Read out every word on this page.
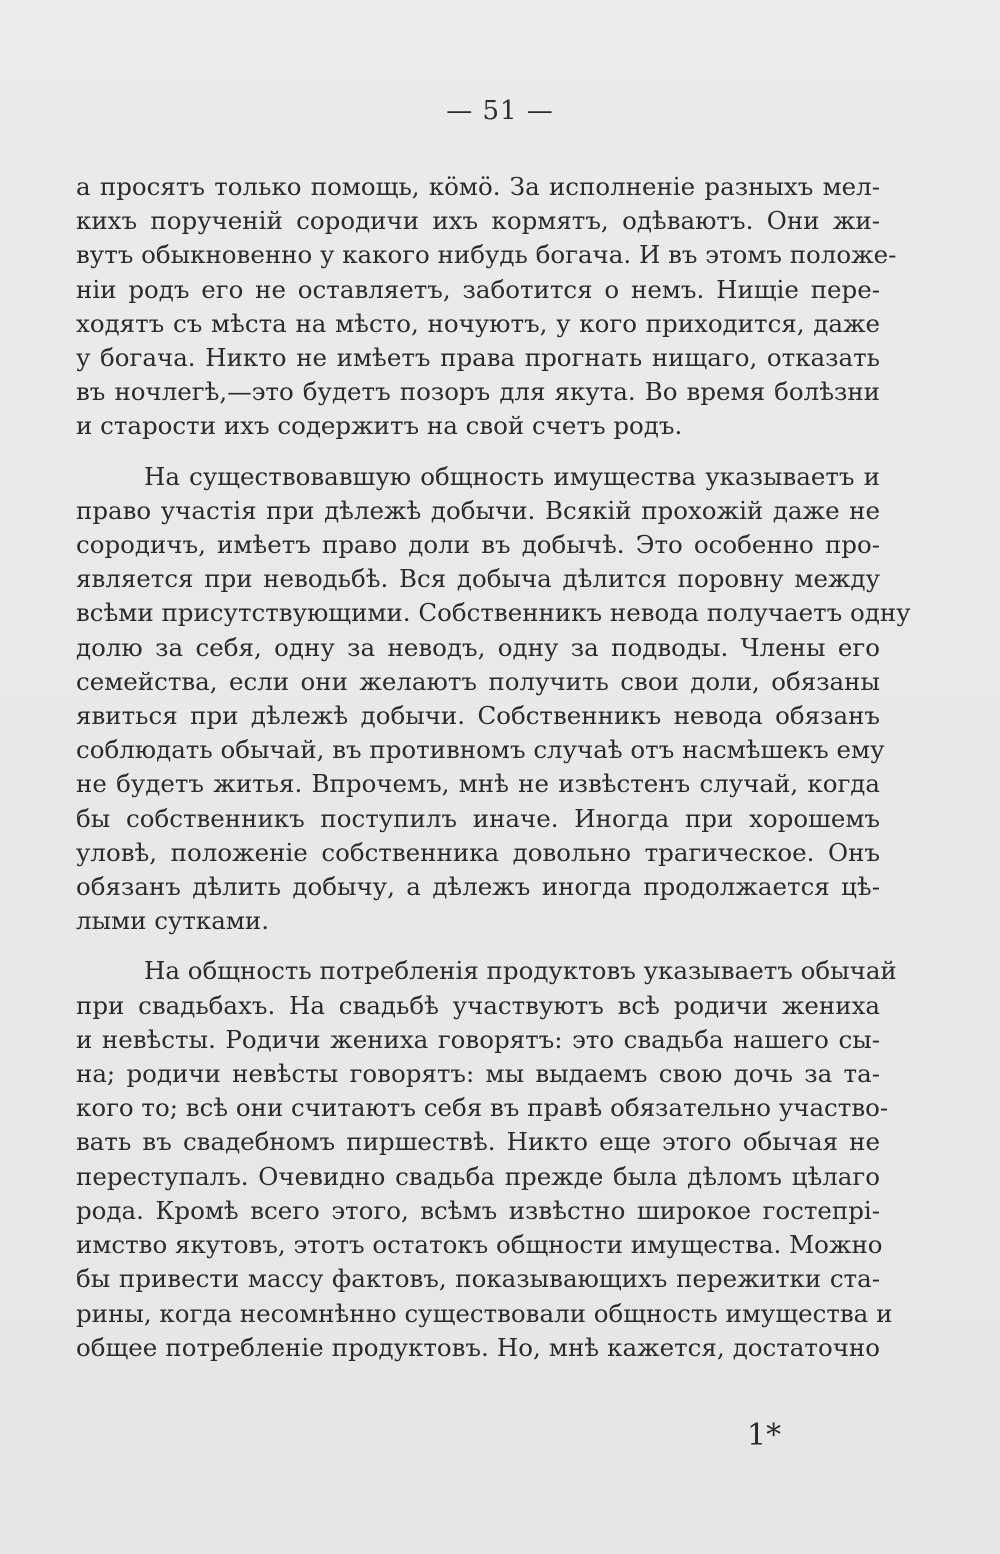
— 51 —
а просятъ только помощь, кӧмӧ. За исполненіе разныхъ мел-
кихъ порученій сородичи ихъ кормятъ, одѣваютъ. Они жи-
вутъ обыкновенно у какого нибудь богача. И въ этомъ положе-
ніи родъ его не оставляетъ, заботится о немъ. Нищіе пере-
ходятъ съ мѣста на мѣсто, ночуютъ, у кого приходится, даже
у богача. Никто не имѣетъ права прогнать нищаго, отказать
въ ночлегѣ,—это будетъ позоръ для якута. Во время болѣзни
и старости ихъ содержитъ на свой счетъ родъ.
На существовавшую общность имущества указываетъ и
право участія при дѣлежѣ добычи. Всякій прохожій даже не
сородичъ, имѣетъ право доли въ добычѣ. Это особенно про-
являетcя при неводьбѣ. Вся добыча дѣлится поровну между
всѣми присутствующими. Собственникъ невода получаетъ одну
долю за себя, одну за неводъ, одну за подводы. Члены его
семейства, если они желаютъ получить свои доли, обязаны
явиться при дѣлежѣ добычи. Собственникъ невода обязанъ
соблюдать обычай, въ противномъ случаѣ отъ насмѣшекъ ему
не будетъ житья. Впрочемъ, мнѣ не извѣстенъ случай, когда
бы собственникъ поступилъ иначе. Иногда при хорошемъ
уловѣ, положеніе собственника довольно трагическое. Онъ
обязанъ дѣлить добычу, а дѣлежъ иногда продолжается цѣ-
лыми сутками.
На общность потребленія продуктовъ указываетъ обычай
при свадьбахъ. На свадьбѣ участвуютъ всѣ родичи жениха
и невѣсты. Родичи жениха говорятъ: это свадьба нашего сы-
на; родичи невѣсты говорятъ: мы выдаемъ свою дочь за та-
кого то; всѣ они считаютъ себя въ правѣ обязательно участво-
вать въ свадебномъ пиршествѣ. Никто еще этого обычая не
переступалъ. Очевидно свадьба прежде была дѣломъ цѣлаго
рода. Кромѣ всего этого, всѣмъ извѣстно широкое гостепрі-
имство якутовъ, этотъ остатокъ общности имущества. Можно
бы привести массу фактовъ, показывающихъ пережитки ста-
рины, когда несомнѣнно существовали общность имущества и
общее потребленіе продуктовъ. Но, мнѣ кажется, достаточно
1*
